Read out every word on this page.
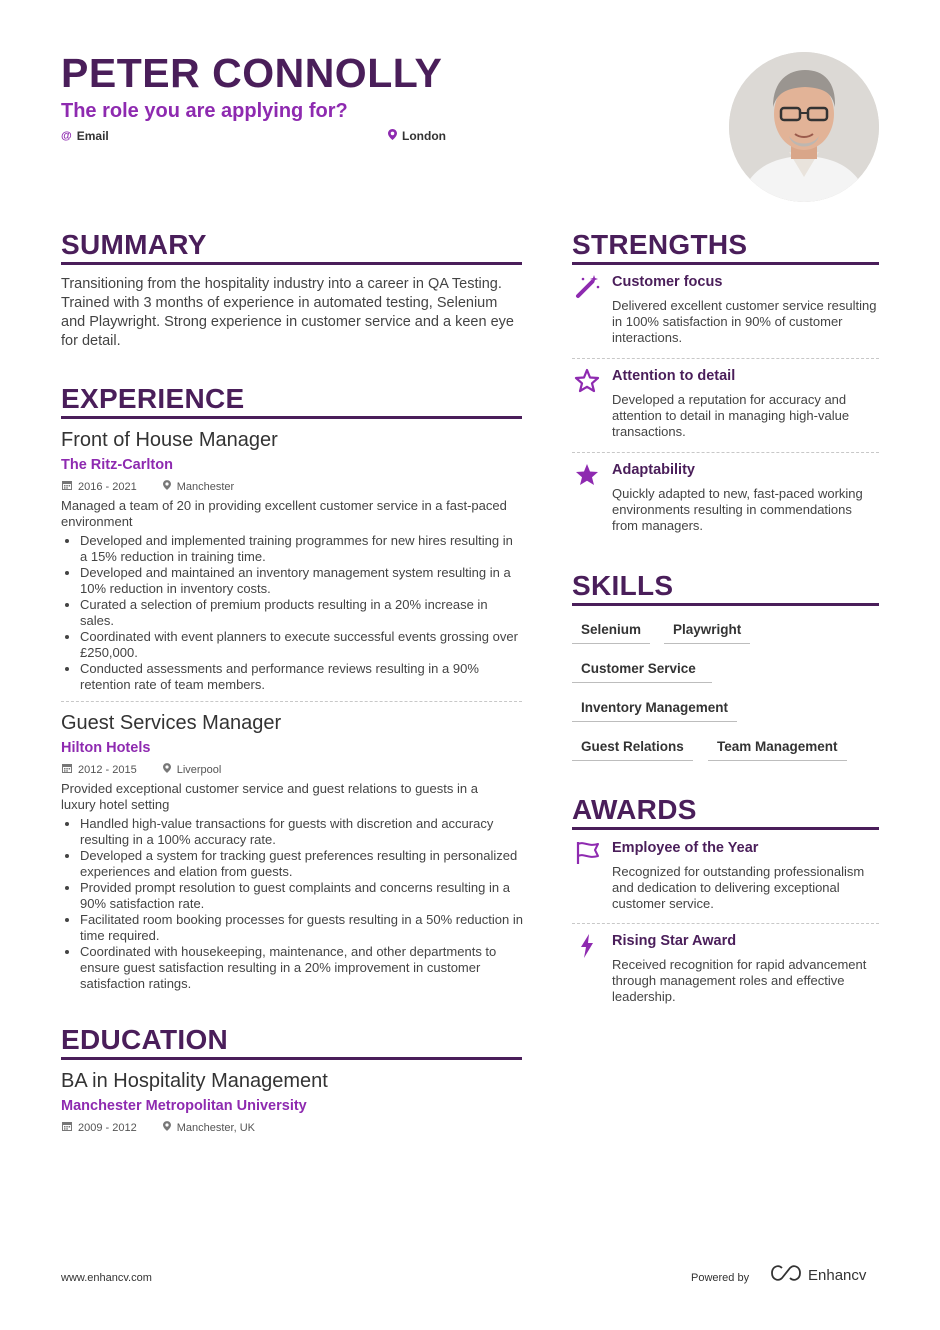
PETER CONNOLLY
The role you are applying for?
@ Email	London
SUMMARY
Transitioning from the hospitality industry into a career in QA Testing. Trained with 3 months of experience in automated testing, Selenium and Playwright. Strong experience in customer service and a keen eye for detail.
EXPERIENCE
Front of House Manager
The Ritz-Carlton
2016 - 2021	Manchester
Managed a team of 20 in providing excellent customer service in a fast-paced environment
• Developed and implemented training programmes for new hires resulting in a 15% reduction in training time.
• Developed and maintained an inventory management system resulting in a 10% reduction in inventory costs.
• Curated a selection of premium products resulting in a 20% increase in sales.
• Coordinated with event planners to execute successful events grossing over £250,000.
• Conducted assessments and performance reviews resulting in a 90% retention rate of team members.
Guest Services Manager
Hilton Hotels
2012 - 2015	Liverpool
Provided exceptional customer service and guest relations to guests in a luxury hotel setting
• Handled high-value transactions for guests with discretion and accuracy resulting in a 100% accuracy rate.
• Developed a system for tracking guest preferences resulting in personalized experiences and elation from guests.
• Provided prompt resolution to guest complaints and concerns resulting in a 90% satisfaction rate.
• Facilitated room booking processes for guests resulting in a 50% reduction in time required.
• Coordinated with housekeeping, maintenance, and other departments to ensure guest satisfaction resulting in a 20% improvement in customer satisfaction ratings.
EDUCATION
BA in Hospitality Management
Manchester Metropolitan University
2009 - 2012	Manchester, UK
STRENGTHS
Customer focus
Delivered excellent customer service resulting in 100% satisfaction in 90% of customer interactions.
Attention to detail
Developed a reputation for accuracy and attention to detail in managing high-value transactions.
Adaptability
Quickly adapted to new, fast-paced working environments resulting in commendations from managers.
SKILLS
Selenium	Playwright
Customer Service
Inventory Management
Guest Relations	Team Management
AWARDS
Employee of the Year
Recognized for outstanding professionalism and dedication to delivering exceptional customer service.
Rising Star Award
Received recognition for rapid advancement through management roles and effective leadership.
www.enhancv.com	Powered by	Enhancv
